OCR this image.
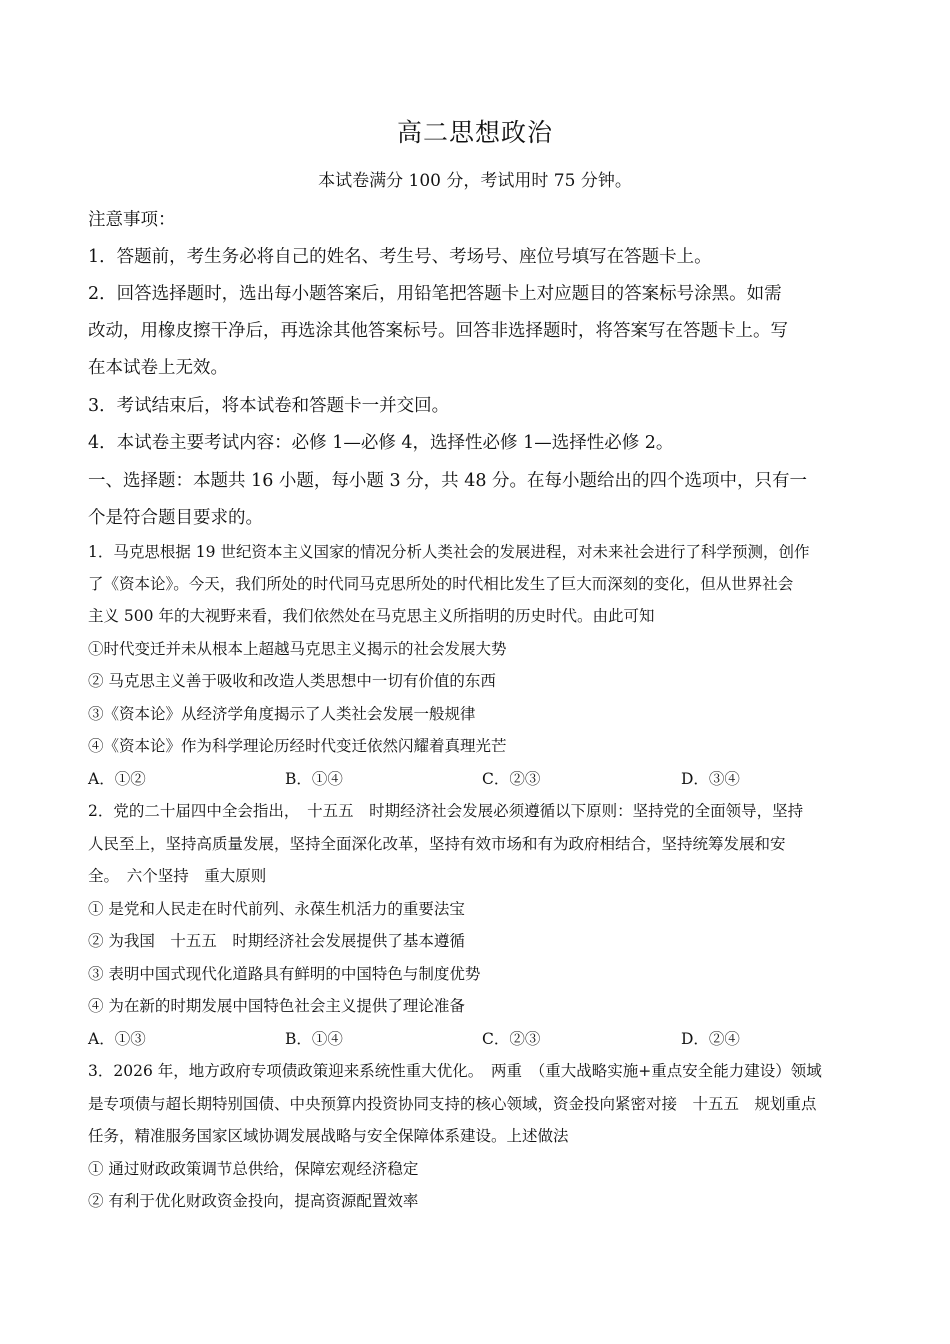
高二思想政治
本试卷满分 100 分，考试用时 75 分钟。
注意事项：
1．答题前，考生务必将自己的姓名、考生号、考场号、座位号填写在答题卡上。
2．回答选择题时，选出每小题答案后，用铅笔把答题卡上对应题目的答案标号涂黑。如需
改动，用橡皮擦干净后，再选涂其他答案标号。回答非选择题时，将答案写在答题卡上。写
在本试卷上无效。
3．考试结束后，将本试卷和答题卡一并交回。
4．本试卷主要考试内容：必修 1—必修 4，选择性必修 1—选择性必修 2。
一、选择题：本题共 16 小题，每小题 3 分，共 48 分。在每小题给出的四个选项中，只有一
个是符合题目要求的。
1．马克思根据 19 世纪资本主义国家的情况分析人类社会的发展进程，对未来社会进行了科学预测，创作
了《资本论》。今天，我们所处的时代同马克思所处的时代相比发生了巨大而深刻的变化，但从世界社会
主义 500 年的大视野来看，我们依然处在马克思主义所指明的历史时代。由此可知
①时代变迁并未从根本上超越马克思主义揭示的社会发展大势
② 马克思主义善于吸收和改造人类思想中一切有价值的东西
③《资本论》从经济学角度揭示了人类社会发展一般规律
④《资本论》作为科学理论历经时代变迁依然闪耀着真理光芒
A．①②	B．①④	C．②③	D．③④
2．党的二十届四中全会指出，　十五五　时期经济社会发展必须遵循以下原则：坚持党的全面领导，坚持
人民至上，坚持高质量发展，坚持全面深化改革，坚持有效市场和有为政府相结合，坚持统筹发展和安
全。　六个坚持　重大原则
① 是党和人民走在时代前列、永葆生机活力的重要法宝
② 为我国　十五五　时期经济社会发展提供了基本遵循
③ 表明中国式现代化道路具有鲜明的中国特色与制度优势
④ 为在新的时期发展中国特色社会主义提供了理论准备
A．①③	B．①④	C．②③	D．②④
3．2026 年，地方政府专项债政策迎来系统性重大优化。　两重　（重大战略实施+重点安全能力建设）领域
是专项债与超长期特别国债、中央预算内投资协同支持的核心领域，资金投向紧密对接　十五五　规划重点
任务，精准服务国家区域协调发展战略与安全保障体系建设。上述做法
① 通过财政政策调节总供给，保障宏观经济稳定
② 有利于优化财政资金投向，提高资源配置效率
